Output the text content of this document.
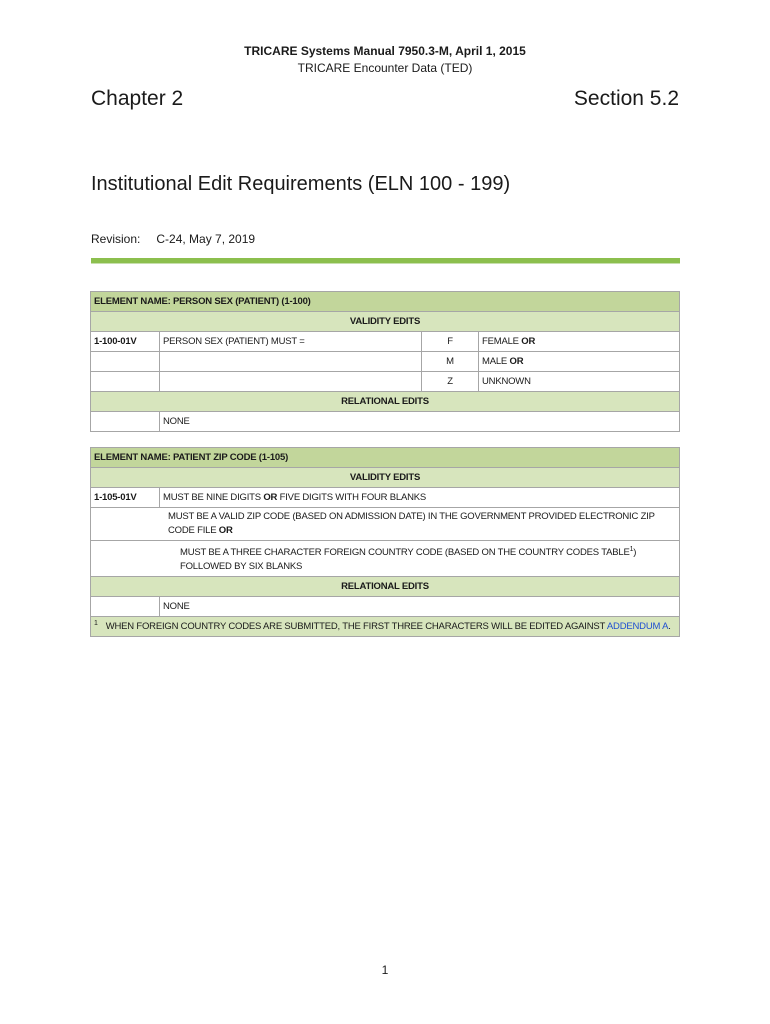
TRICARE Systems Manual 7950.3-M, April 1, 2015
TRICARE Encounter Data (TED)
Chapter 2	Section 5.2
Institutional Edit Requirements (ELN 100 - 199)
Revision: C-24, May 7, 2019
ELEMENT NAME: PERSON SEX (PATIENT) (1-100)			
VALIDITY EDITS			
1-100-01V	PERSON SEX (PATIENT) MUST =	F	FEMALE OR
		M	MALE OR
		Z	UNKNOWN
RELATIONAL EDITS			
	NONE		
ELEMENT NAME: PATIENT ZIP CODE (1-105)	
VALIDITY EDITS	
1-105-01V	MUST BE NINE DIGITS OR FIVE DIGITS WITH FOUR BLANKS

MUST BE A VALID ZIP CODE (BASED ON ADMISSION DATE) IN THE GOVERNMENT PROVIDED ELECTRONIC ZIP CODE FILE OR	

MUST BE A THREE CHARACTER FOREIGN COUNTRY CODE (BASED ON THE COUNTRY CODES TABLE$^1$) FOLLOWED BY SIX BLANKS	

RELATIONAL EDITS	
	NONE

1 WHEN FOREIGN COUNTRY CODES ARE SUBMITTED, THE FIRST THREE CHARACTERS WILL BE EDITED AGAINST ADDENDUM A.	
1
